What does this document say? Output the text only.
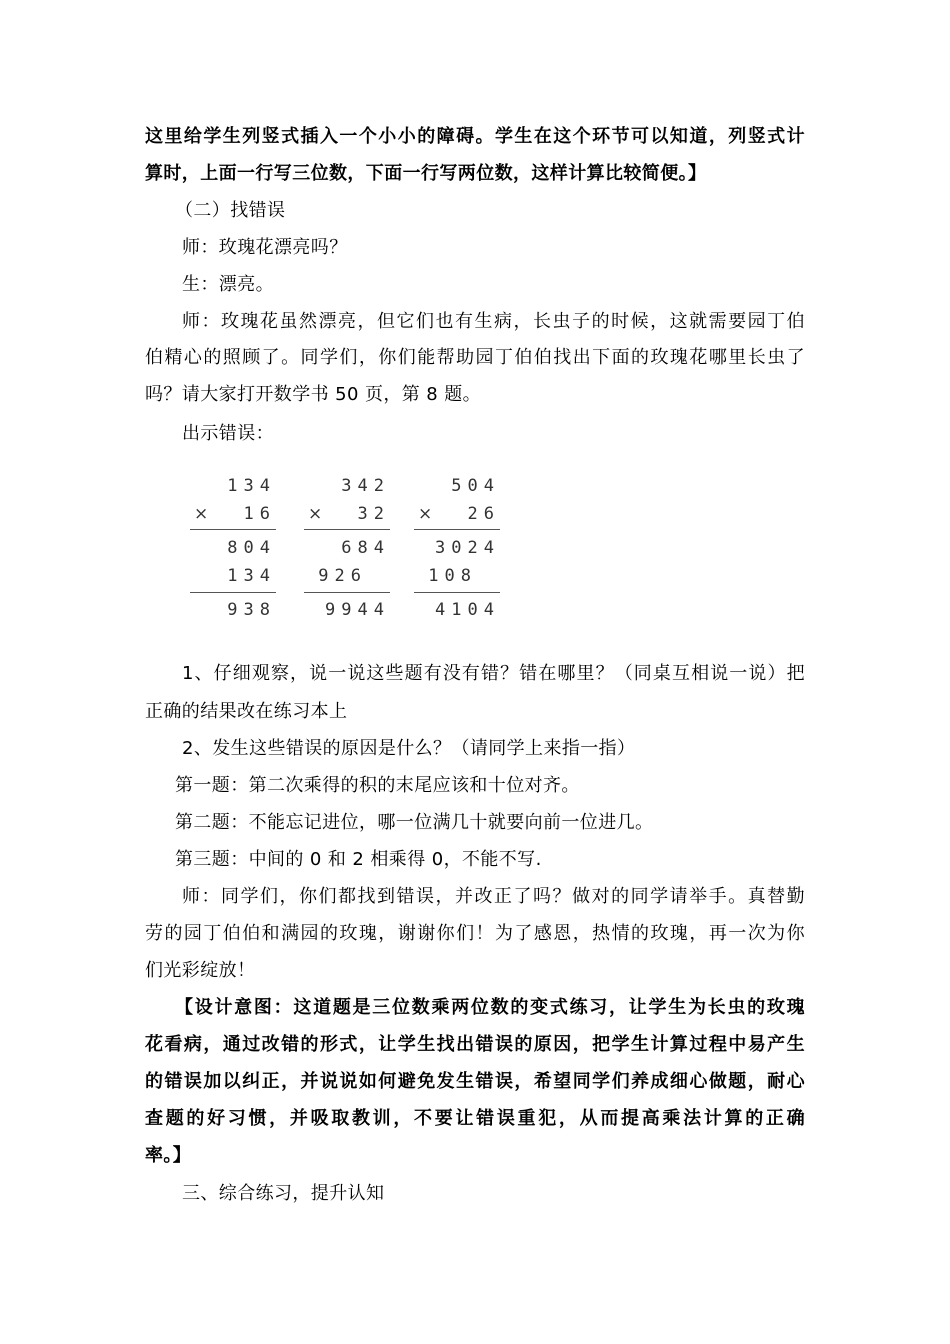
这里给学生列竖式插入一个小小的障碍。学生在这个环节可以知道，列竖式计
算时，上面一行写三位数，下面一行写两位数，这样计算比较简便。】
（二）找错误
师：玫瑰花漂亮吗？
生：漂亮。
师：玫瑰花虽然漂亮，但它们也有生病，长虫子的时候，这就需要园丁伯
伯精心的照顾了。同学们，你们能帮助园丁伯伯找出下面的玫瑰花哪里长虫了
吗？请大家打开数学书 50 页，第 8 题。
出示错误：
134
× 16
804
134
938
342
× 32
684
926
9944
504
× 26
3024
108
4104
1、仔细观察，说一说这些题有没有错？错在哪里？（同桌互相说一说）把
正确的结果改在练习本上
2、发生这些错误的原因是什么？（请同学上来指一指）
第一题：第二次乘得的积的末尾应该和十位对齐。
第二题：不能忘记进位，哪一位满几十就要向前一位进几。
第三题：中间的 0 和 2 相乘得 0，不能不写.
师：同学们，你们都找到错误，并改正了吗？做对的同学请举手。真替勤
劳的园丁伯伯和满园的玫瑰，谢谢你们！为了感恩，热情的玫瑰，再一次为你
们光彩绽放！
【设计意图：这道题是三位数乘两位数的变式练习，让学生为长虫的玫瑰
花看病，通过改错的形式，让学生找出错误的原因，把学生计算过程中易产生
的错误加以纠正，并说说如何避免发生错误，希望同学们养成细心做题，耐心
查题的好习惯，并吸取教训，不要让错误重犯，从而提高乘法计算的正确
率。】
三、综合练习，提升认知
